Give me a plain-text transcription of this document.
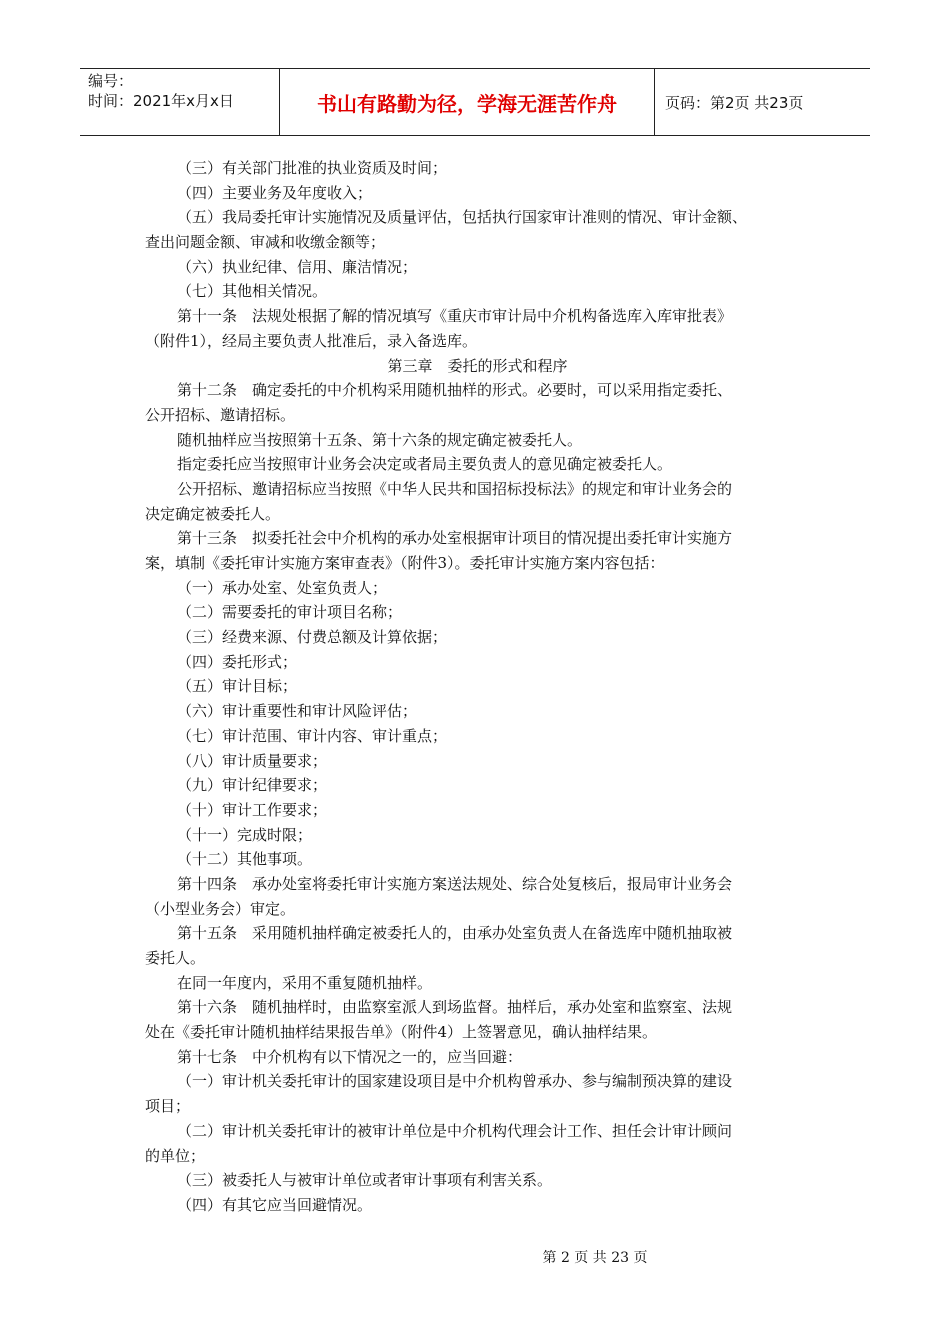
编号：
时间：2021年x月x日	书山有路勤为径，学海无涯苦作舟	页码：第2页 共23页
（三）有关部门批准的执业资质及时间；
（四）主要业务及年度收入；
（五）我局委托审计实施情况及质量评估，包括执行国家审计准则的情况、审计金额、
查出问题金额、审减和收缴金额等；
（六）执业纪律、信用、廉洁情况；
（七）其他相关情况。
第十一条　法规处根据了解的情况填写《重庆市审计局中介机构备选库入库审批表》
（附件1），经局主要负责人批准后，录入备选库。
第三章　委托的形式和程序
第十二条　确定委托的中介机构采用随机抽样的形式。必要时，可以采用指定委托、
公开招标、邀请招标。
随机抽样应当按照第十五条、第十六条的规定确定被委托人。
指定委托应当按照审计业务会决定或者局主要负责人的意见确定被委托人。
公开招标、邀请招标应当按照《中华人民共和国招标投标法》的规定和审计业务会的
决定确定被委托人。
第十三条　拟委托社会中介机构的承办处室根据审计项目的情况提出委托审计实施方
案，填制《委托审计实施方案审查表》（附件3）。委托审计实施方案内容包括：
（一）承办处室、处室负责人；
（二）需要委托的审计项目名称；
（三）经费来源、付费总额及计算依据；
（四）委托形式；
（五）审计目标；
（六）审计重要性和审计风险评估；
（七）审计范围、审计内容、审计重点；
（八）审计质量要求；
（九）审计纪律要求；
（十）审计工作要求；
（十一）完成时限；
（十二）其他事项。
第十四条　承办处室将委托审计实施方案送法规处、综合处复核后，报局审计业务会
（小型业务会）审定。
第十五条　采用随机抽样确定被委托人的，由承办处室负责人在备选库中随机抽取被
委托人。
在同一年度内，采用不重复随机抽样。
第十六条　随机抽样时，由监察室派人到场监督。抽样后，承办处室和监察室、法规
处在《委托审计随机抽样结果报告单》（附件4）上签署意见，确认抽样结果。
第十七条　中介机构有以下情况之一的，应当回避：
（一）审计机关委托审计的国家建设项目是中介机构曾承办、参与编制预决算的建设
项目；
（二）审计机关委托审计的被审计单位是中介机构代理会计工作、担任会计审计顾问
的单位；
（三）被委托人与被审计单位或者审计事项有利害关系。
（四）有其它应当回避情况。
第 2 页 共 23 页
